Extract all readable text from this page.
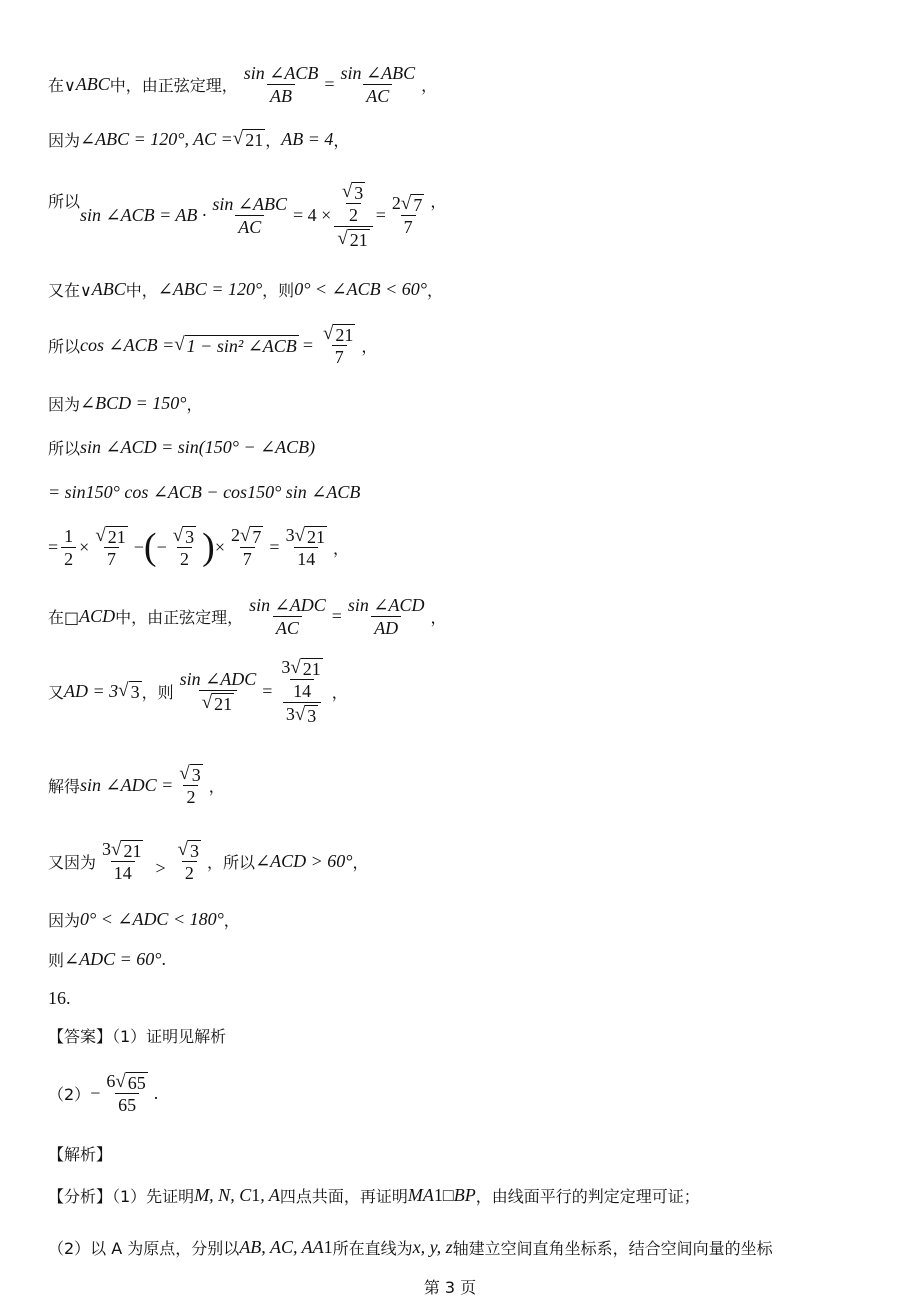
在∨ ABC 中，由正弦定理， $\frac{\text{sin ∠ACB}}{AB} = \frac{\text{sin ∠ABC}}{AC}$ ，
因为 ∠ABC = 120°, AC = √ 21 ， AB = 4 ，
所以
sin ∠ACB = AB · $\frac{\text{sin ∠ABC}}{AC} = 4 \times \frac{\frac{√ 3}{2}}{√ 21} = \frac{2 √ 7}{7}$ ，
又在∨ ABC 中， ∠ABC = 120° ，则 0° < ∠ACB < 60° ，
所以 cos ∠ACB = √ 1 − sin² ∠ACB = $\frac{√ 21}{7}$ ，
因为 ∠BCD = 150° ，
所以 sin ∠ACD = sin(150° − ∠ACB)
= sin150° cos ∠ACB − cos150° sin ∠ACB
= $\frac{1}{2} \times \frac{√ 21}{7}$ − ( − $\frac{√ 3}{2}$ ) × $\frac{2 √ 7}{7} = \frac{3 √ 21}{14}$ ，
在□ ACD 中，由正弦定理， $\frac{\text{sin ∠ADC}}{AC} = \frac{\text{sin ∠ACD}}{AD}$ ，
又 AD = 3 √ 3 ，则 $\frac{\text{sin ∠ADC}}{√ 21} = \frac{\frac{3 √ 21}{14}}{3 √ 3}$ ，
解得 sin ∠ADC = $\frac{√ 3}{2}$ ，
又因为 $\frac{3 √ 21}{14} > \frac{√ 3}{2}$ ，所以 ∠ACD > 60° ，
因为 0° < ∠ADC < 180° ，
则 ∠ADC = 60° .
16.
【答案】（1）证明见解析
$(2) - \frac{6 √ 65}{65}$ .
【解析】
【分析】（1）先证明 M, N, C 1 , A 四点共面，再证明 MA 1 □ BP ，由线面平行的判定定理可证；
（2）以 A 为原点，分别以 AB, AC, AA 1 所在直线为 x, y, z 轴建立空间直角坐标系，结合空间向量的坐标
第 3 页
